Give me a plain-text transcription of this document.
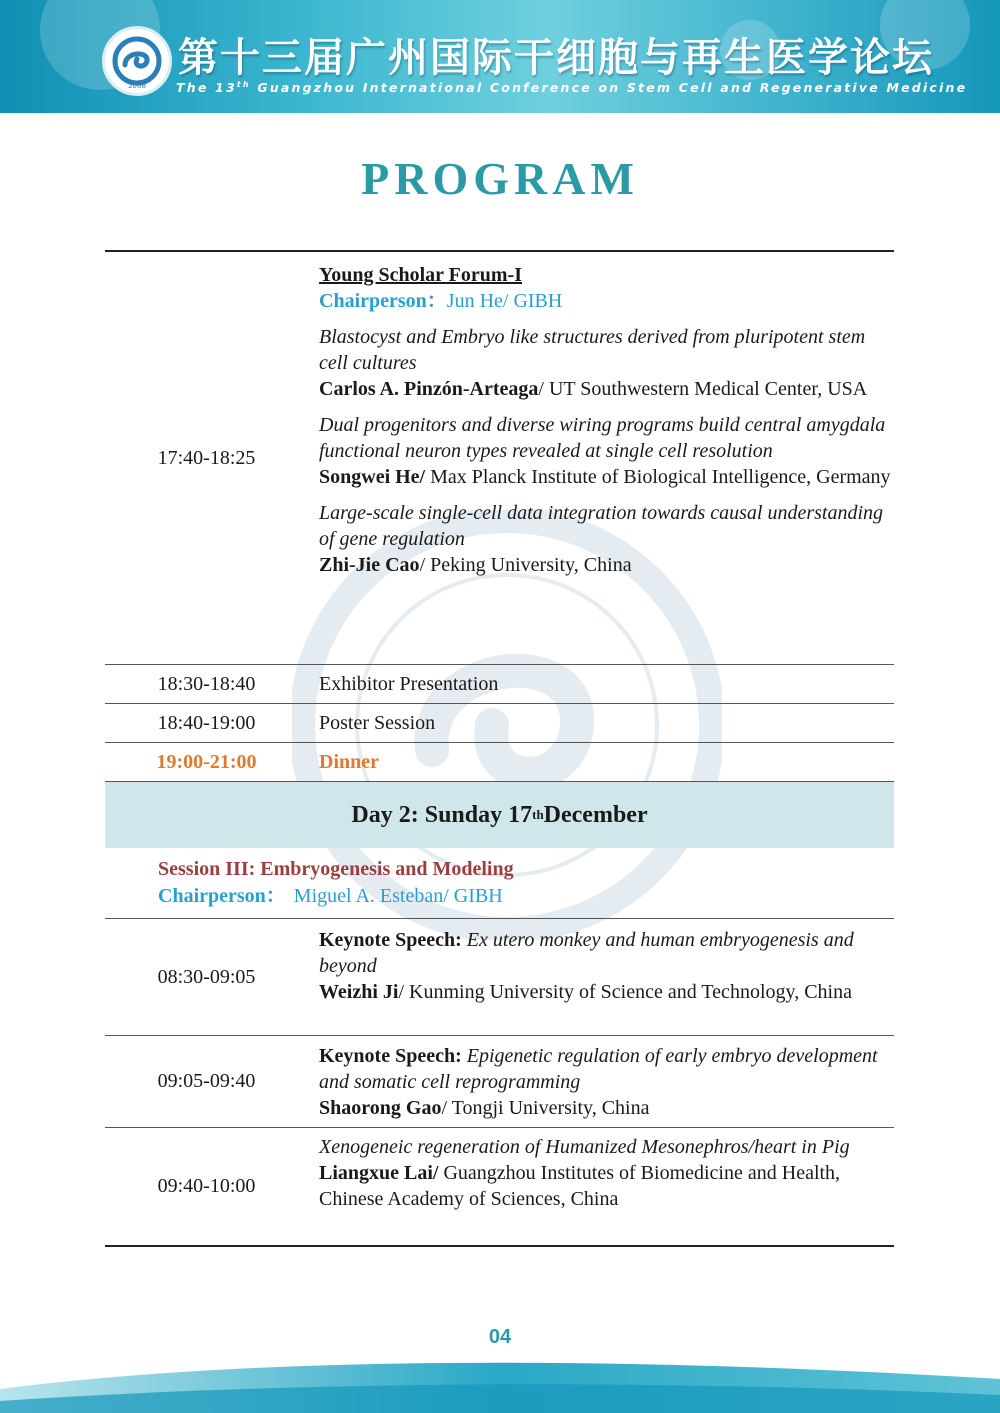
2008
第十三届广州国际干细胞与再生医学论坛
The 13th Guangzhou International Conference on Stem Cell and Regenerative Medicine
PROGRAM
17:40-18:25
Young Scholar Forum-I
Chairperson：Jun He/ GIBH
Blastocyst and Embryo like structures derived from pluripotent stem cell cultures
Carlos A. Pinzón-Arteaga/ UT Southwestern Medical Center, USA
Dual progenitors and diverse wiring programs build central amygdala functional neuron types revealed at single cell resolution
Songwei He/ Max Planck Institute of Biological Intelligence, Germany
Large-scale single-cell data integration towards causal understanding of gene regulation
Zhi-Jie Cao/ Peking University, China
18:30-18:40	Exhibitor Presentation
18:40-19:00	Poster Session
19:00-21:00	Dinner
Day 2: Sunday 17 th December
Session III: Embryogenesis and Modeling
Chairperson： Miguel A. Esteban/ GIBH
08:30-09:05
Keynote Speech: Ex utero monkey and human embryogenesis and beyond
Weizhi Ji/ Kunming University of Science and Technology, China
09:05-09:40
Keynote Speech: Epigenetic regulation of early embryo development and somatic cell reprogramming
Shaorong Gao/ Tongji University, China
09:40-10:00
Xenogeneic regeneration of Humanized Mesonephros/heart in Pig
Liangxue Lai/ Guangzhou Institutes of Biomedicine and Health, Chinese Academy of Sciences, China
04
